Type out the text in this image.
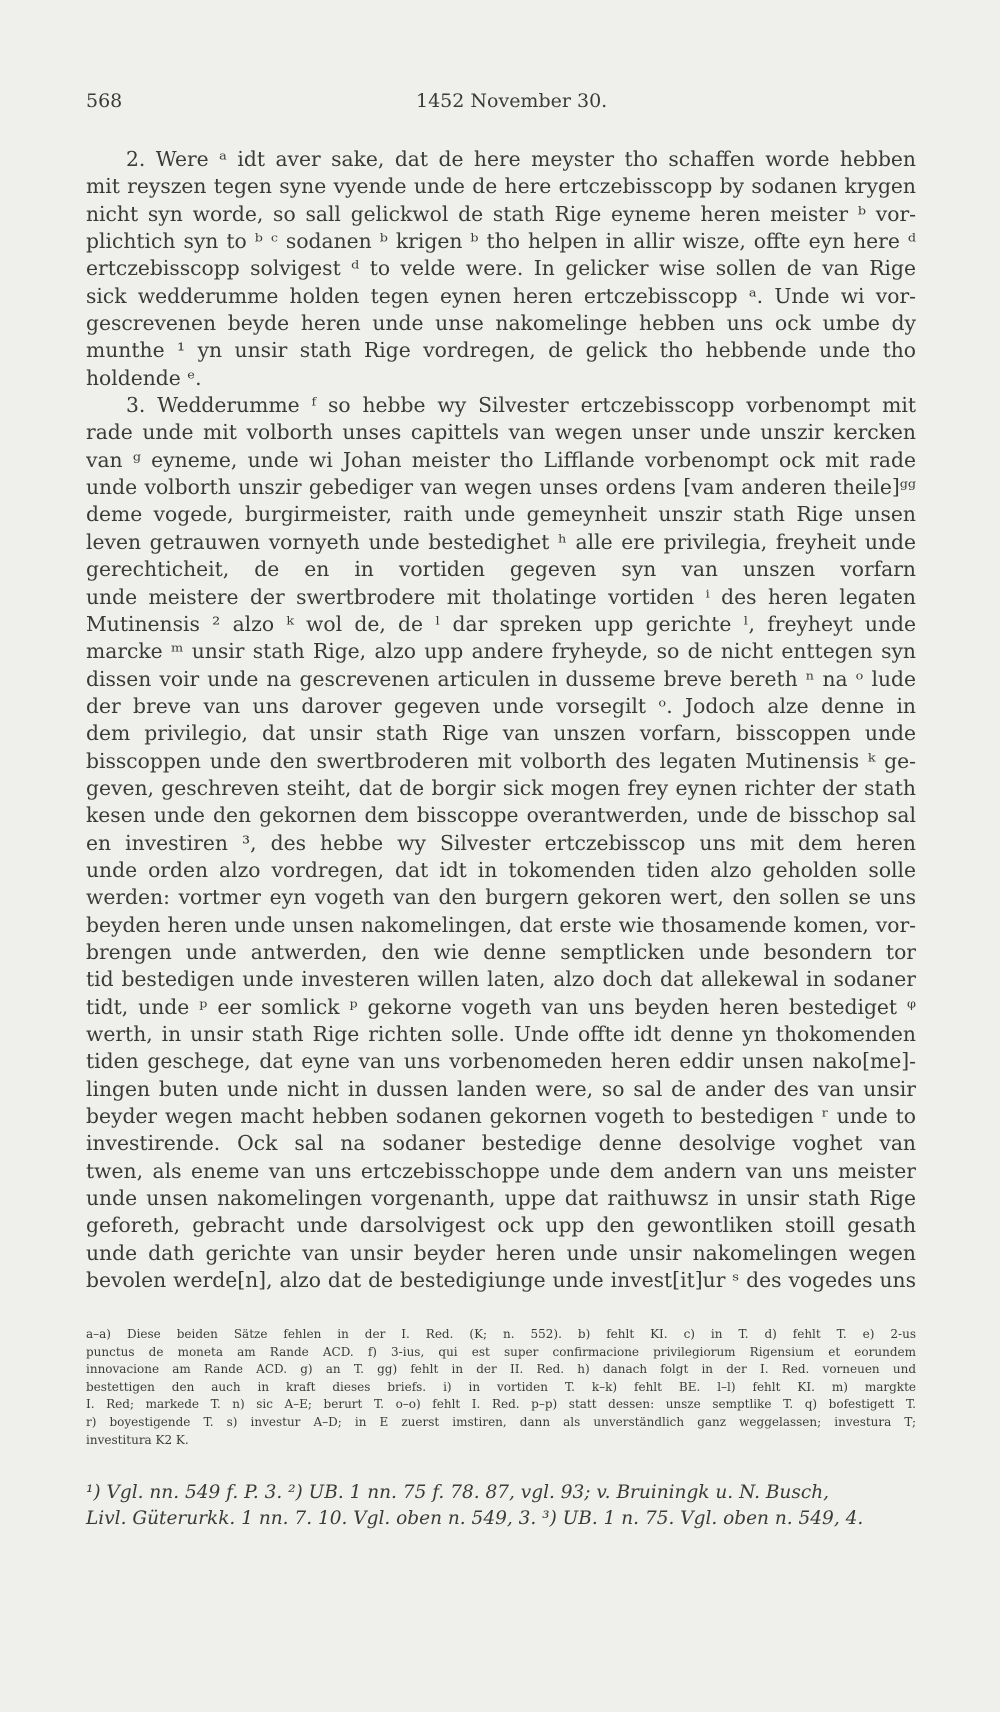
568	1452 November 30.
2. Were ᵃ idt aver sake, dat de here meyster tho schaffen worde hebben
mit reyszen tegen syne vyende unde de here ertczebisscopp by sodanen krygen
nicht syn worde, so sall gelickwol de stath Rige eyneme heren meister ᵇ vor-
plichtich syn to ᵇ ᶜ sodanen ᵇ krigen ᵇ tho helpen in allir wisze, offte eyn here ᵈ
ertczebisscopp solvigest ᵈ to velde were. In gelicker wise sollen de van Rige
sick wedderumme holden tegen eynen heren ertczebisscopp ᵃ. Unde wi vor-
gescrevenen beyde heren unde unse nakomelinge hebben uns ock umbe dy
munthe ¹ yn unsir stath Rige vordregen, de gelick tho hebbende unde tho
holdende ᵉ.
3. Wedderumme ᶠ so hebbe wy Silvester ertczebisscopp vorbenompt mit
rade unde mit volborth unses capittels van wegen unser unde unszir kercken
van ᵍ eyneme, unde wi Johan meister tho Lifflande vorbenompt ock mit rade
unde volborth unszir gebediger van wegen unses ordens [vam anderen theile]ᵍᵍ
deme vogede, burgirmeister, raith unde gemeynheit unszir stath Rige unsen
leven getrauwen vornyeth unde bestedighet ʰ alle ere privilegia, freyheit unde
gerechticheit, de en in vortiden gegeven syn van unszen vorfarn
unde meistere der swertbrodere mit tholatinge vortiden ⁱ des heren legaten
Mutinensis ² alzo ᵏ wol de, de ˡ dar spreken upp gerichte ˡ, freyheyt unde
marcke ᵐ unsir stath Rige, alzo upp andere fryheyde, so de nicht enttegen syn
dissen voir unde na gescrevenen articulen in dusseme breve bereth ⁿ na ᵒ lude
der breve van uns darover gegeven unde vorsegilt ᵒ. Jodoch alze denne in
dem privilegio, dat unsir stath Rige van unszen vorfarn, bisscoppen unde
bisscoppen unde den swertbroderen mit volborth des legaten Mutinensis ᵏ ge-
geven, geschreven steiht, dat de borgir sick mogen frey eynen richter der stath
kesen unde den gekornen dem bisscoppe overantwerden, unde de bisschop sal
en investiren ³, des hebbe wy Silvester ertczebisscop uns mit dem heren
unde orden alzo vordregen, dat idt in tokomenden tiden alzo geholden solle
werden: vortmer eyn vogeth van den burgern gekoren wert, den sollen se uns
beyden heren unde unsen nakomelingen, dat erste wie thosamende komen, vor-
brengen unde antwerden, den wie denne semptlicken unde besondern tor
tid bestedigen unde investeren willen laten, alzo doch dat allekewal in sodaner
tidt, unde ᵖ eer somlick ᵖ gekorne vogeth van uns beyden heren bestediget ᵠ
werth, in unsir stath Rige richten solle. Unde offte idt denne yn thokomenden
tiden geschege, dat eyne van uns vorbenomeden heren eddir unsen nako[me]-
lingen buten unde nicht in dussen landen were, so sal de ander des van unsir
beyder wegen macht hebben sodanen gekornen vogeth to bestedigen ʳ unde to
investirende. Ock sal na sodaner bestedige denne desolvige voghet van
twen, als eneme van uns ertczebisschoppe unde dem andern van uns meister
unde unsen nakomelingen vorgenanth, uppe dat raithuwsz in unsir stath Rige
geforeth, gebracht unde darsolvigest ock upp den gewontliken stoill gesath
unde dath gerichte van unsir beyder heren unde unsir nakomelingen wegen
bevolen werde[n], alzo dat de bestedigiunge unde invest[it]ur ˢ des vogedes uns
a–a) Diese beiden Sätze fehlen in der I. Red. (K; n. 552). b) fehlt KI. c) in T. d) fehlt T. e) 2-us
punctus de moneta am Rande ACD. f) 3-ius, qui est super confirmacione privilegiorum Rigensium et eorundem
innovacione am Rande ACD. g) an T. gg) fehlt in der II. Red. h) danach folgt in der I. Red. vorneuen und
bestettigen den auch in kraft dieses briefs. i) in vortiden T. k–k) fehlt BE. l–l) fehlt KI. m) margkte
I. Red; markede T. n) sic A–E; berurt T. o–o) fehlt I. Red. p–p) statt dessen: unsze semptlike T. q) bofestigett T.
r) boyestigende T. s) investur A–D; in E zuerst imstiren, dann als unverständlich ganz weggelassen; investura T;
investitura K2 K.
¹) Vgl. nn. 549 f. P. 3. ²) UB. 1 nn. 75 f. 78. 87, vgl. 93; v. Bruiningk u. N. Busch,
Livl. Güterurkk. 1 nn. 7. 10. Vgl. oben n. 549, 3. ³) UB. 1 n. 75. Vgl. oben n. 549, 4.
